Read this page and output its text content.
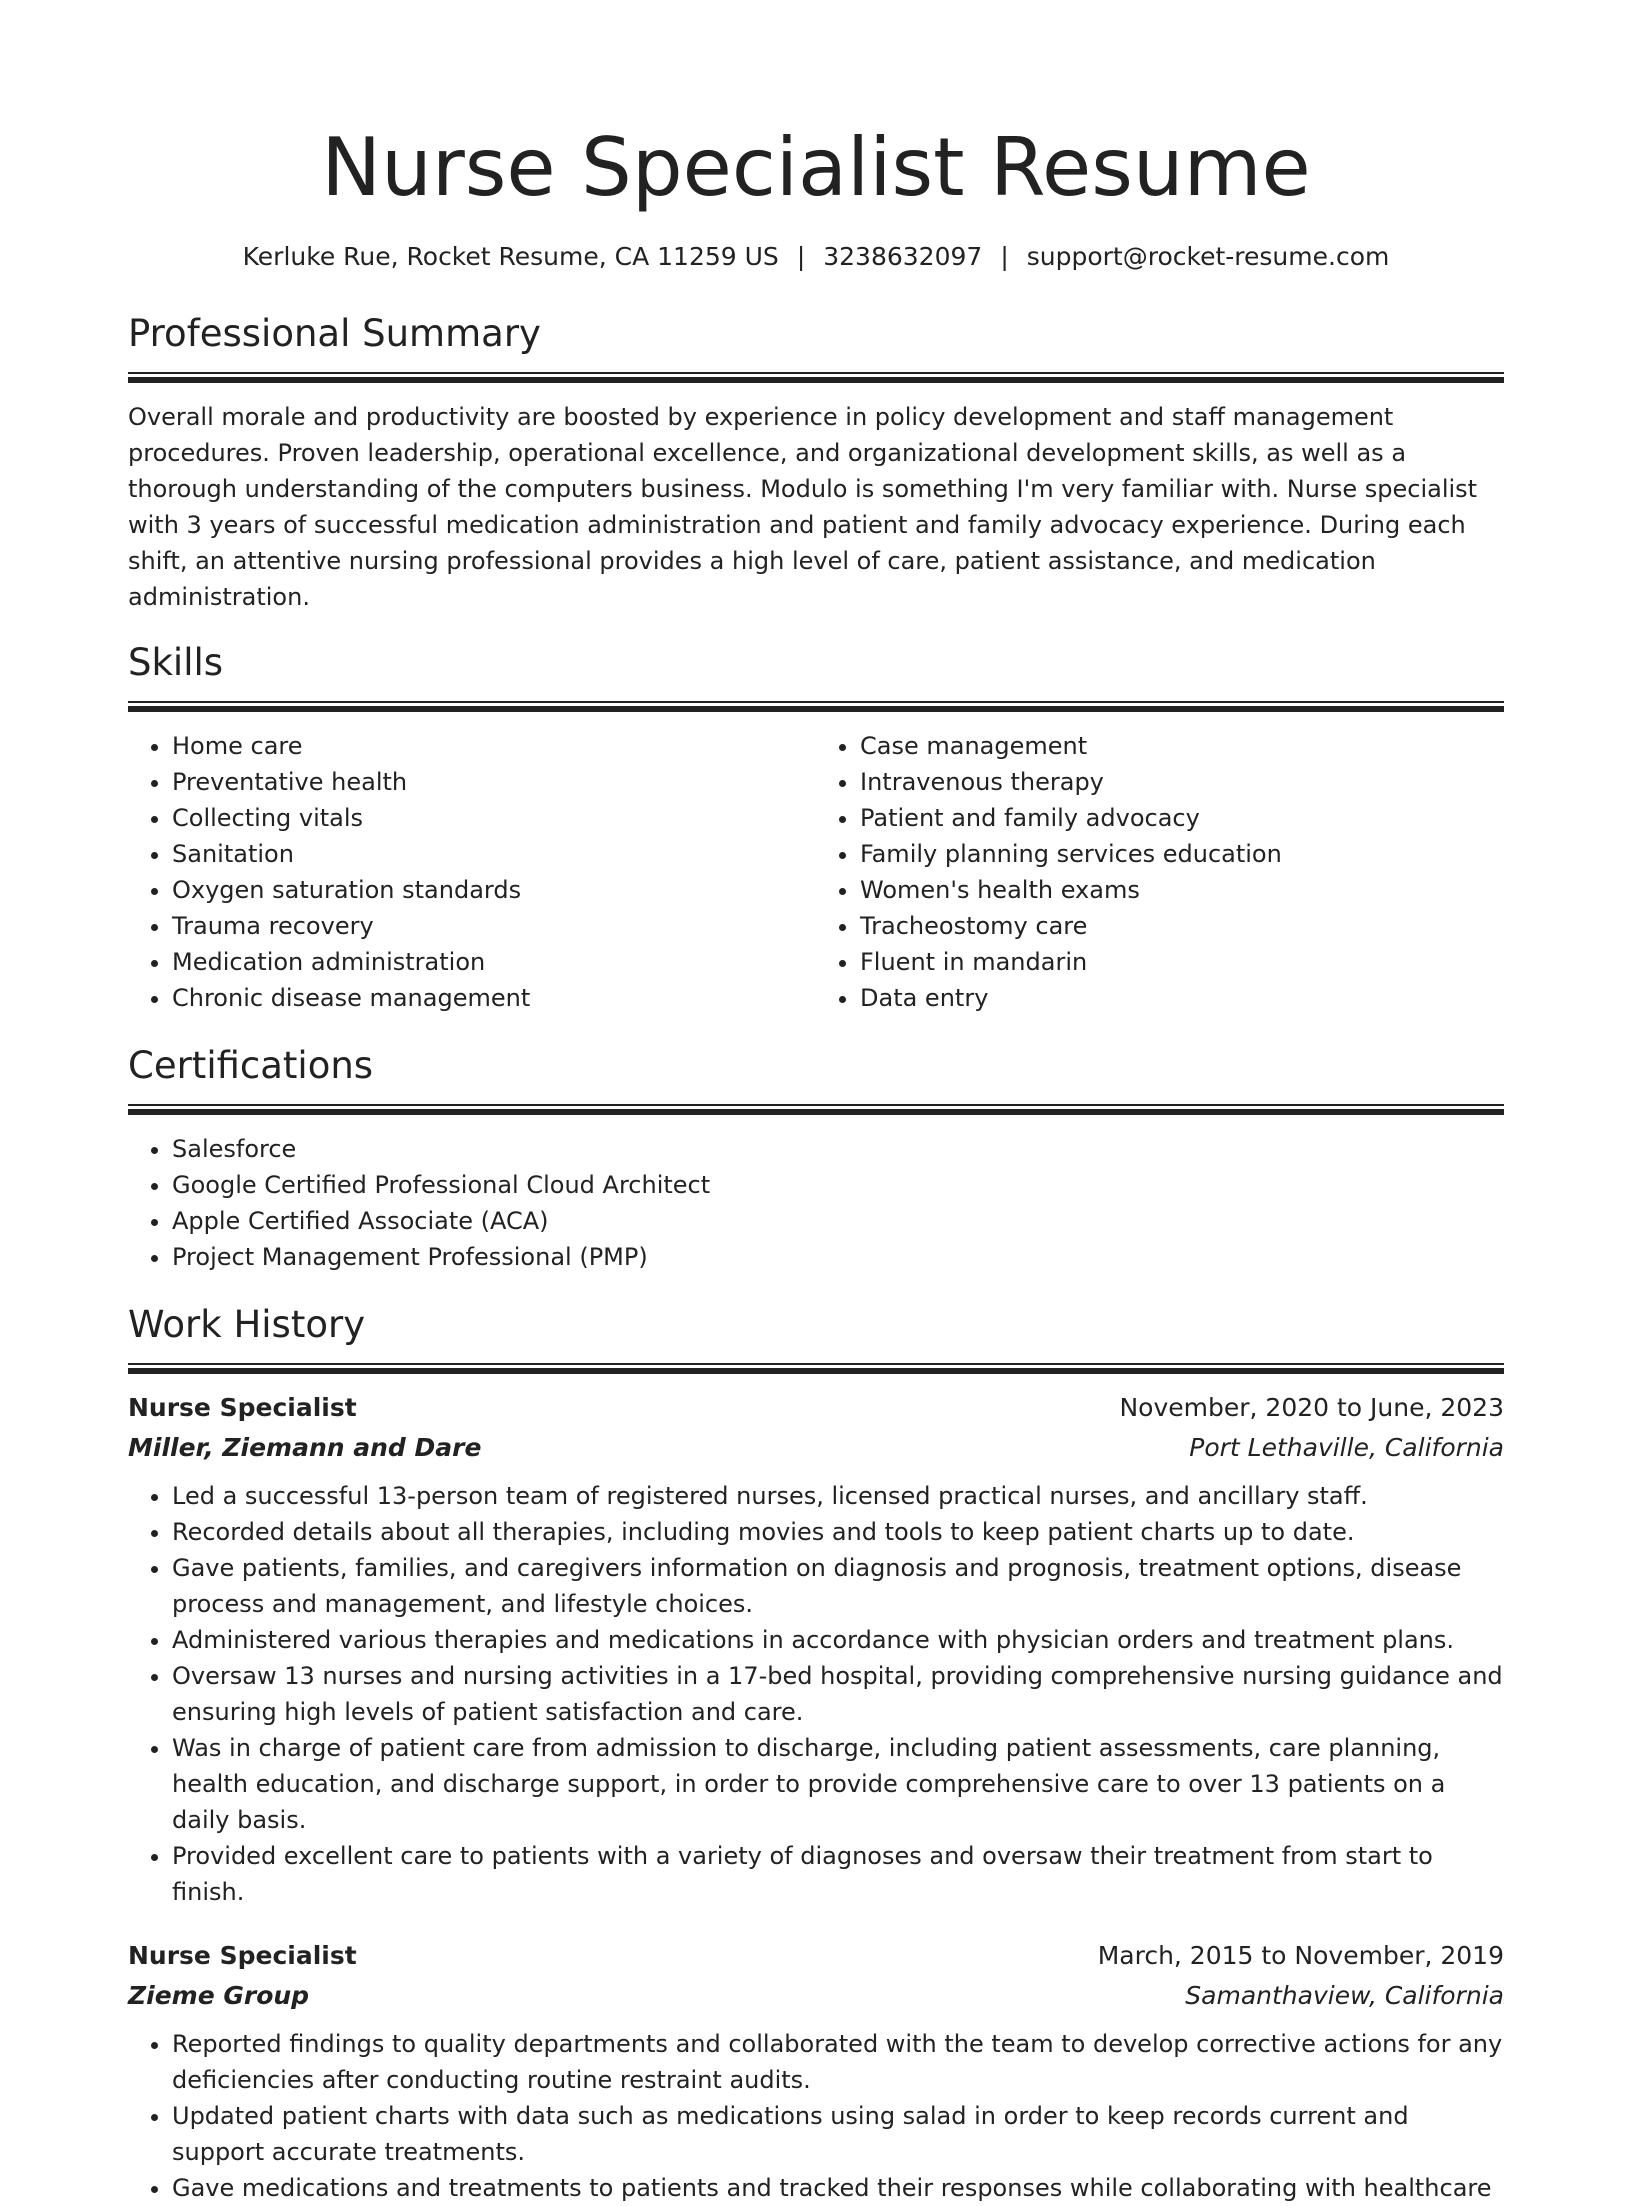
Nurse Specialist Resume
Kerluke Rue, Rocket Resume, CA 11259 US | 3238632097 | support@rocket-resume.com
Professional Summary

Overall morale and productivity are boosted by experience in policy development and staff management procedures. Proven leadership, operational excellence, and organizational development skills, as well as a thorough understanding of the computers business. Modulo is something I'm very familiar with. Nurse specialist with 3 years of successful medication administration and patient and family advocacy experience. During each shift, an attentive nursing professional provides a high level of care, patient assistance, and medication administration.

Skills
• Home care
• Preventative health
• Collecting vitals
• Sanitation
• Oxygen saturation standards
• Trauma recovery
• Medication administration
• Chronic disease management
• Case management
• Intravenous therapy
• Patient and family advocacy
• Family planning services education
• Women's health exams
• Tracheostomy care
• Fluent in mandarin
• Data entry
Certifications
• Salesforce
• Google Certified Professional Cloud Architect
• Apple Certified Associate (ACA)
• Project Management Professional (PMP)
Work History
Nurse Specialist	November, 2020 to June, 2023
Miller, Ziemann and Dare	Port Lethaville, California
• Led a successful 13-person team of registered nurses, licensed practical nurses, and ancillary staff.
• Recorded details about all therapies, including movies and tools to keep patient charts up to date.
• Gave patients, families, and caregivers information on diagnosis and prognosis, treatment options, disease process and management, and lifestyle choices.
• Administered various therapies and medications in accordance with physician orders and treatment plans.
• Oversaw 13 nurses and nursing activities in a 17-bed hospital, providing comprehensive nursing guidance and ensuring high levels of patient satisfaction and care.
• Was in charge of patient care from admission to discharge, including patient assessments, care planning, health education, and discharge support, in order to provide comprehensive care to over 13 patients on a daily basis.
• Provided excellent care to patients with a variety of diagnoses and oversaw their treatment from start to finish.
Nurse Specialist	March, 2015 to November, 2019
Zieme Group	Samanthaview, California
• Reported findings to quality departments and collaborated with the team to develop corrective actions for any deficiencies after conducting routine restraint audits.
• Updated patient charts with data such as medications using salad in order to keep records current and support accurate treatments.
• Gave medications and treatments to patients and tracked their responses while collaborating with healthcare
